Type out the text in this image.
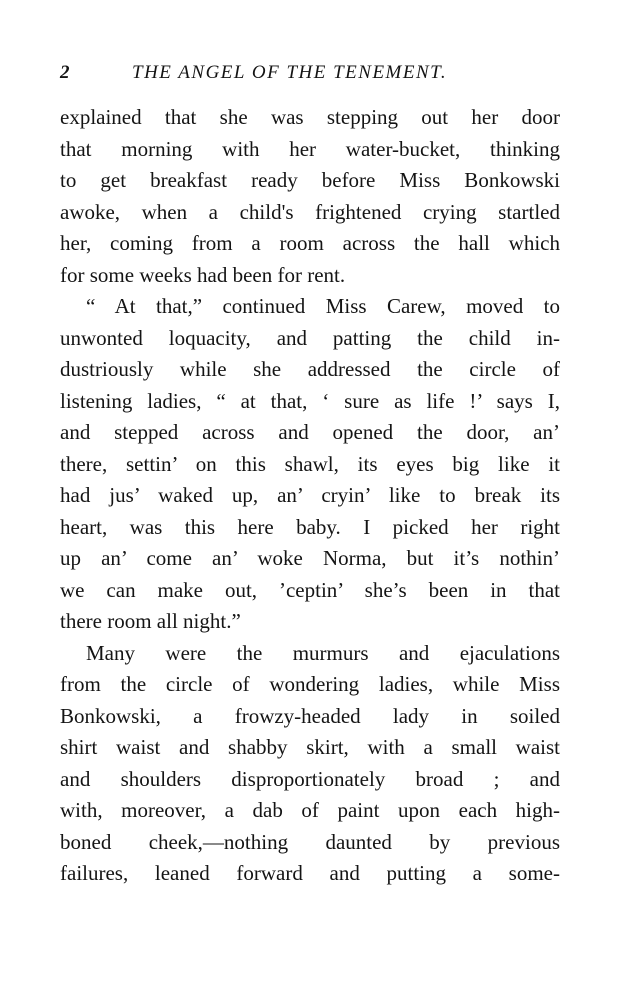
2	THE ANGEL OF THE TENEMENT.
explained that she was stepping out her door
that morning with her water-bucket, thinking
to get breakfast ready before Miss Bonkowski
awoke, when a child's frightened crying startled
her, coming from a room across the hall which
for some weeks had been for rent.
“ At that,” continued Miss Carew, moved to
unwonted loquacity, and patting the child in-
dustriously while she addressed the circle of
listening ladies, “ at that, ‘ sure as life !’ says I,
and stepped across and opened the door, an’
there, settin’ on this shawl, its eyes big like it
had jus’ waked up, an’ cryin’ like to break its
heart, was this here baby. I picked her right
up an’ come an’ woke Norma, but it’s nothin’
we can make out, ’ceptin’ she’s been in that
there room all night.”
Many were the murmurs and ejaculations
from the circle of wondering ladies, while Miss
Bonkowski, a frowzy-headed lady in soiled
shirt waist and shabby skirt, with a small waist
and shoulders disproportionately broad ; and
with, moreover, a dab of paint upon each high-
boned cheek,—nothing daunted by previous
failures, leaned forward and putting a some-
